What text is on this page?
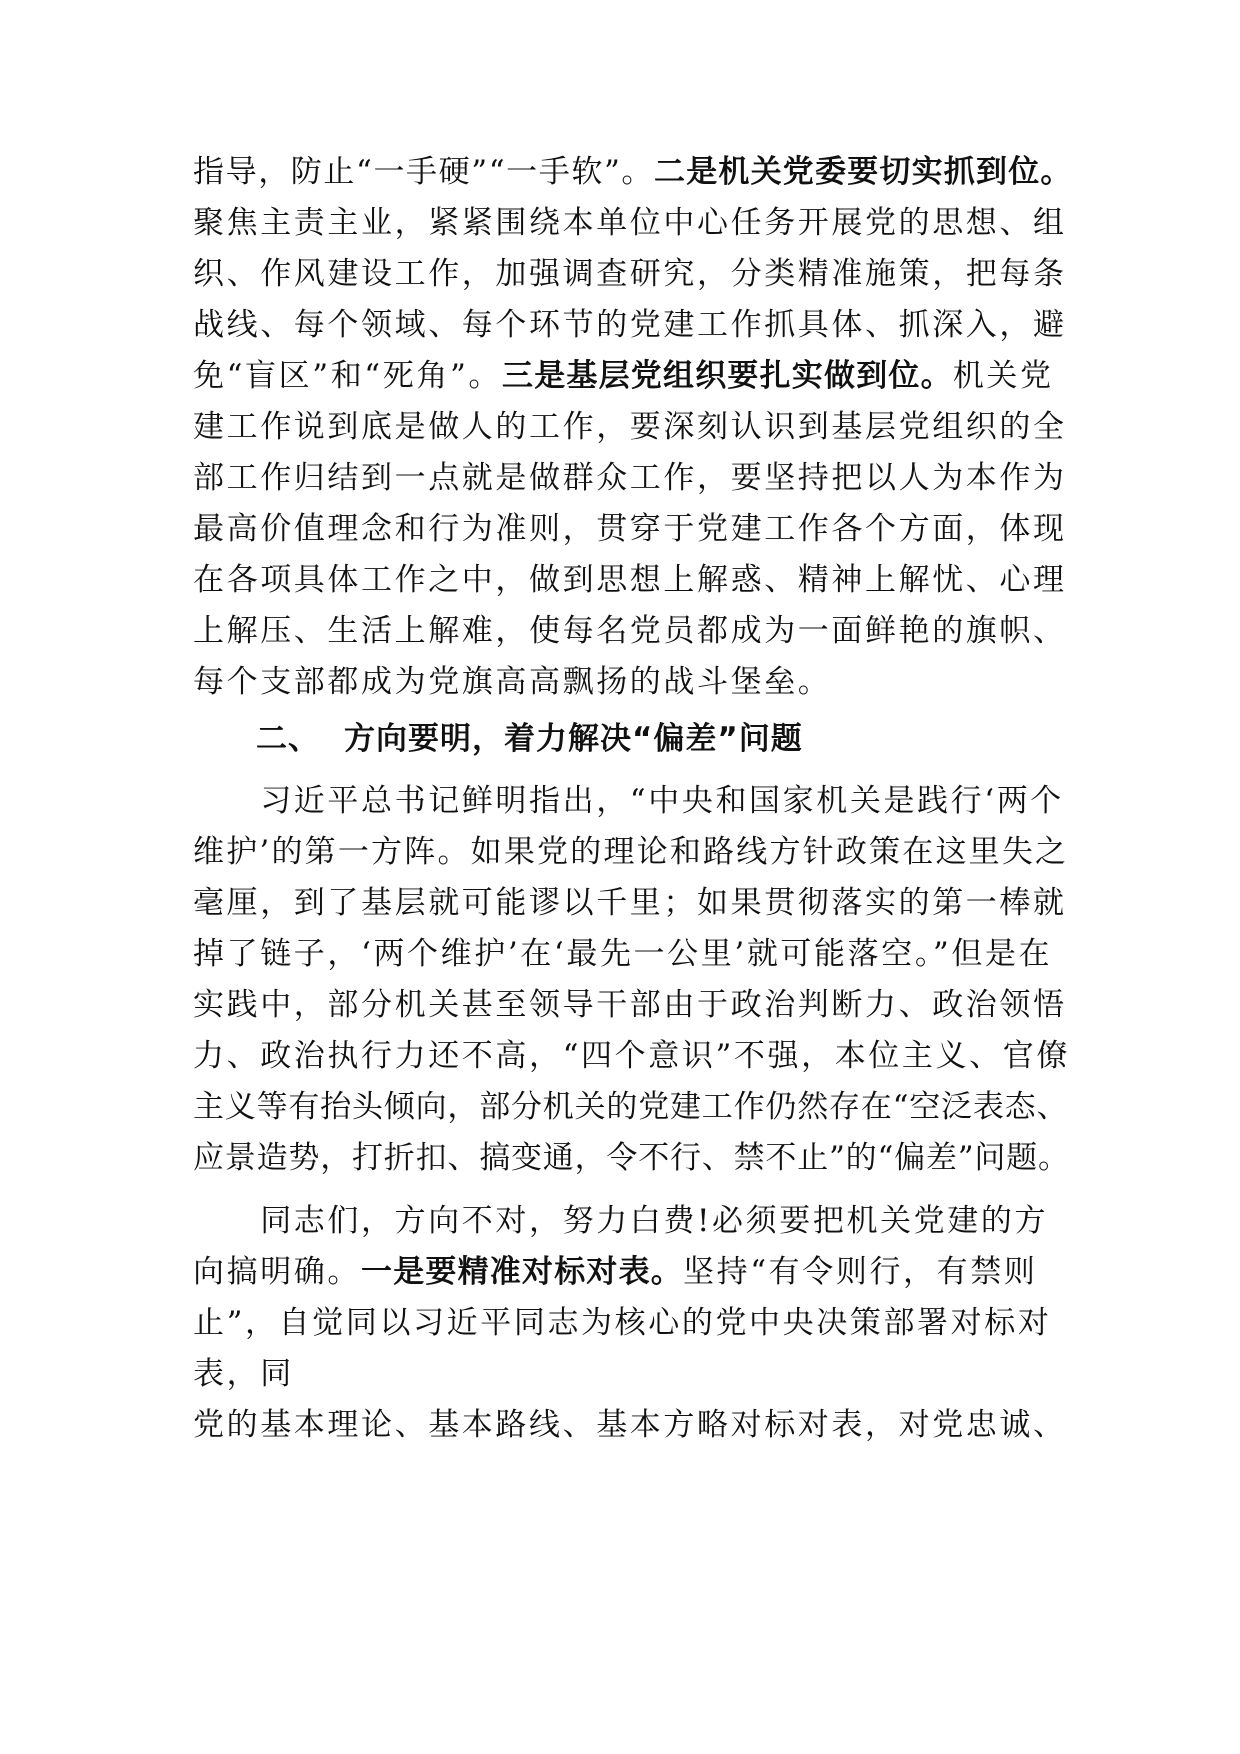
指导，防止“一手硬”“一手软”。二是机关党委要切实抓到位。
聚焦主责主业，紧紧围绕本单位中心任务开展党的思想、组
织、作风建设工作，加强调查研究，分类精准施策，把每条
战线、每个领域、每个环节的党建工作抓具体、抓深入，避
免“盲区”和“死角”。三是基层党组织要扎实做到位。机关党
建工作说到底是做人的工作，要深刻认识到基层党组织的全
部工作归结到一点就是做群众工作，要坚持把以人为本作为
最高价值理念和行为准则，贯穿于党建工作各个方面，体现
在各项具体工作之中，做到思想上解惑、精神上解忧、心理
上解压、生活上解难，使每名党员都成为一面鲜艳的旗帜、
每个支部都成为党旗高高飘扬的战斗堡垒。
二、 方向要明，着力解决“偏差”问题
　　习近平总书记鲜明指出，“中央和国家机关是践行‘两个
维护’的第一方阵。如果党的理论和路线方针政策在这里失之
毫厘，到了基层就可能谬以千里；如果贯彻落实的第一棒就
掉了链子，‘两个维护’在‘最先一公里’就可能落空。”但是在
实践中，部分机关甚至领导干部由于政治判断力、政治领悟
力、政治执行力还不高，“四个意识”不强，本位主义、官僚
主义等有抬头倾向，部分机关的党建工作仍然存在“空泛表态、
应景造势，打折扣、搞变通，令不行、禁不止”的“偏差”问题。
　　同志们，方向不对，努力白费!必须要把机关党建的方
向搞明确。一是要精准对标对表。坚持“有令则行，有禁则
止”，自觉同以习近平同志为核心的党中央决策部署对标对
表，同
党的基本理论、基本路线、基本方略对标对表，对党忠诚、
